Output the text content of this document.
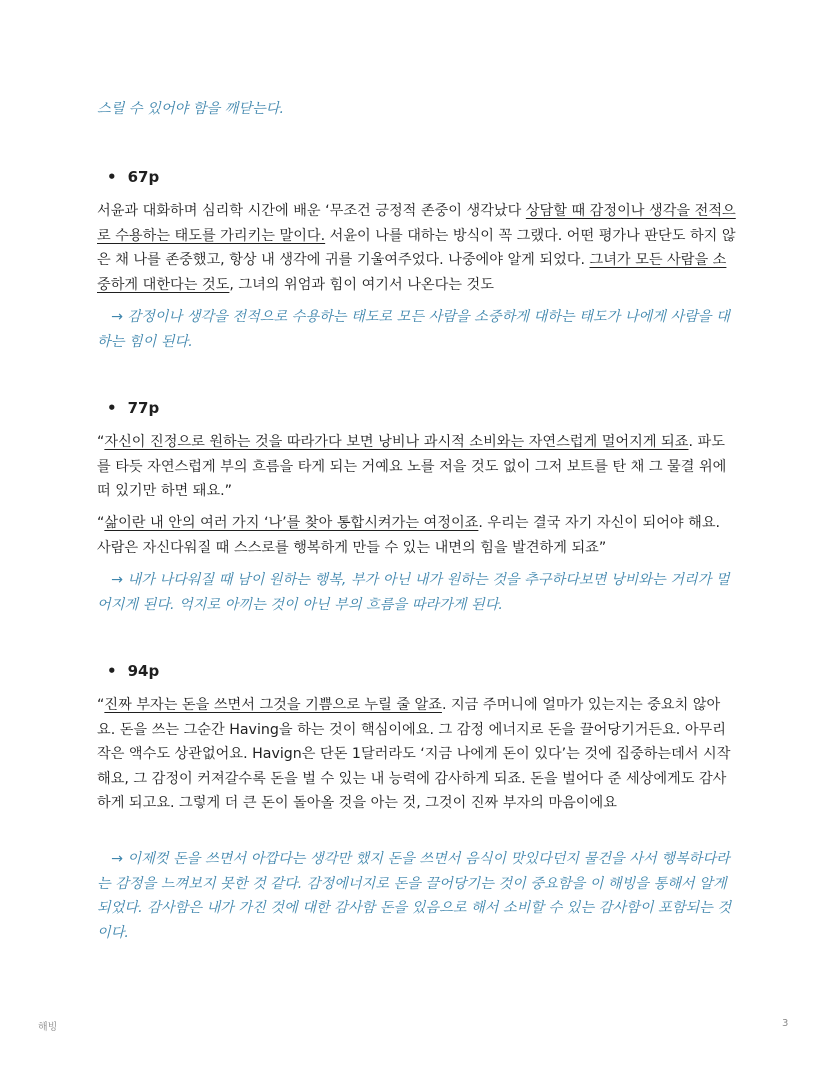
스릴 수 있어야 함을 깨닫는다.
• 67p
서윤과 대화하며 심리학 시간에 배운 ‘무조건 긍정적 존중이 생각났다 상담할 때 감정이나 생각을 전적으로 수용하는 태도를 가리키는 말이다. 서윤이 나를 대하는 방식이 꼭 그랬다. 어떤 평가나 판단도 하지 않은 채 나를 존중했고, 항상 내 생각에 귀를 기울여주었다. 나중에야 알게 되었다. 그녀가 모든 사람을 소중하게 대한다는 것도, 그녀의 위엄과 힘이 여기서 나온다는 것도
→ 감정이나 생각을 전적으로 수용하는 태도로 모든 사람을 소중하게 대하는 태도가 나에게 사람을 대하는 힘이 된다.
• 77p
“자신이 진정으로 원하는 것을 따라가다 보면 낭비나 과시적 소비와는 자연스럽게 멀어지게 되죠. 파도를 타듯 자연스럽게 부의 흐름을 타게 되는 거예요 노를 저을 것도 없이 그저 보트를 탄 채 그 물결 위에 떠 있기만 하면 돼요.”
“삶이란 내 안의 여러 가지 ‘나’를 찾아 통합시켜가는 여정이죠. 우리는 결국 자기 자신이 되어야 해요. 사람은 자신다워질 때 스스로를 행복하게 만들 수 있는 내면의 힘을 발견하게 되죠”
→ 내가 나다워질 때 남이 원하는 행복, 부가 아닌 내가 원하는 것을 추구하다보면 낭비와는 거리가 멀어지게 된다. 억지로 아끼는 것이 아닌 부의 흐름을 따라가게 된다.
• 94p
“진짜 부자는 돈을 쓰면서 그것을 기쁨으로 누릴 줄 알죠. 지금 주머니에 얼마가 있는지는 중요치 않아요. 돈을 쓰는 그순간 Having을 하는 것이 핵심이에요. 그 감정 에너지로 돈을 끌어당기거든요. 아무리 작은 액수도 상관없어요. Havign은 단돈 1달러라도 ‘지금 나에게 돈이 있다’는 것에 집중하는데서 시작해요, 그 감정이 커져갈수록 돈을 벌 수 있는 내 능력에 감사하게 되죠. 돈을 벌어다 준 세상에게도 감사하게 되고요. 그렇게 더 큰 돈이 돌아올 것을 아는 것, 그것이 진짜 부자의 마음이에요
→ 이제껏 돈을 쓰면서 아깝다는 생각만 했지 돈을 쓰면서 음식이 맛있다던지 물건을 사서 행복하다라는 감정을 느껴보지 못한 것 같다. 감정에너지로 돈을 끌어당기는 것이 중요함을 이 해빙을 통해서 알게 되었다. 감사함은 내가 가진 것에 대한 감사함 돈을 있음으로 해서 소비할 수 있는 감사함이 포함되는 것이다.
해빙	3
